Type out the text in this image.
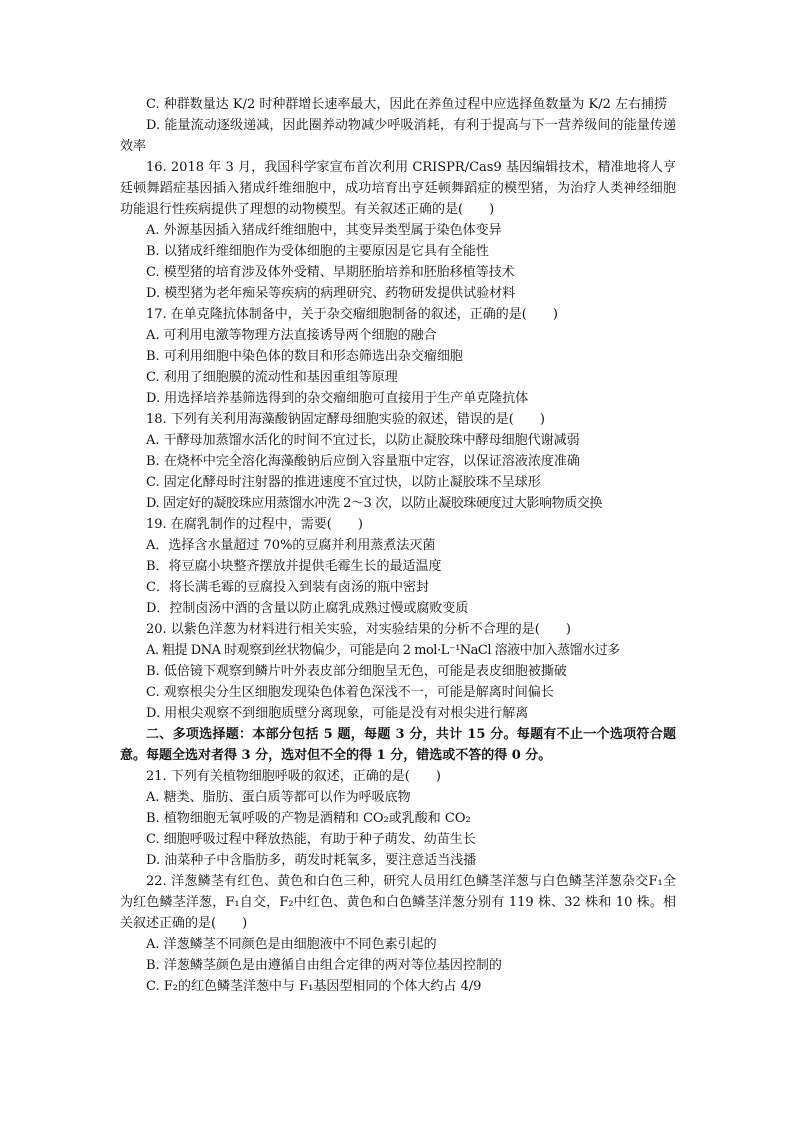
C. 种群数量达 K/2 时种群增长速率最大，因此在养鱼过程中应选择鱼数量为 K/2 左右捕捞

D. 能量流动逐级递减，因此圈养动物减少呼吸消耗，有利于提高与下一营养级间的能量传递效率

16. 2018 年 3 月，我国科学家宣布首次利用 CRISPR/Cas9 基因编辑技术，精准地将人亨廷顿舞蹈症基因插入猪成纤维细胞中，成功培育出亨廷顿舞蹈症的模型猪，为治疗人类神经细胞功能退行性疾病提供了理想的动物模型。有关叙述正确的是(　　)

A. 外源基因插入猪成纤维细胞中，其变异类型属于染色体变异

B. 以猪成纤维细胞作为受体细胞的主要原因是它具有全能性

C. 模型猪的培育涉及体外受精、早期胚胎培养和胚胎移植等技术

D. 模型猪为老年痴呆等疾病的病理研究、药物研发提供试验材料

17. 在单克隆抗体制备中，关于杂交瘤细胞制备的叙述，正确的是(　　)

A. 可利用电激等物理方法直接诱导两个细胞的融合

B. 可利用细胞中染色体的数目和形态筛选出杂交瘤细胞

C. 利用了细胞膜的流动性和基因重组等原理

D. 用选择培养基筛选得到的杂交瘤细胞可直接用于生产单克隆抗体

18. 下列有关利用海藻酸钠固定酵母细胞实验的叙述，错误的是(　　)

A. 干酵母加蒸馏水活化的时间不宜过长，以防止凝胶珠中酵母细胞代谢减弱

B. 在烧杯中完全溶化海藻酸钠后应倒入容量瓶中定容，以保证溶液浓度准确

C. 固定化酵母时注射器的推进速度不宜过快，以防止凝胶珠不呈球形

D. 固定好的凝胶珠应用蒸馏水冲洗 2～3 次，以防止凝胶珠硬度过大影响物质交换

19. 在腐乳制作的过程中，需要(　　)

A．选择含水量超过 70%的豆腐并利用蒸煮法灭菌

B．将豆腐小块整齐摆放并提供毛霉生长的最适温度

C．将长满毛霉的豆腐投入到装有卤汤的瓶中密封

D．控制卤汤中酒的含量以防止腐乳成熟过慢或腐败变质

20. 以紫色洋葱为材料进行相关实验，对实验结果的分析不合理的是(　　)

A. 粗提 DNA 时观察到丝状物偏少，可能是向 2 mol·L⁻¹NaCl 溶液中加入蒸馏水过多

B. 低倍镜下观察到鳞片叶外表皮部分细胞呈无色，可能是表皮细胞被撕破

C. 观察根尖分生区细胞发现染色体着色深浅不一，可能是解离时间偏长

D. 用根尖观察不到细胞质壁分离现象，可能是没有对根尖进行解离

二、多项选择题：本部分包括 5 题，每题 3 分，共计 15 分。每题有不止一个选项符合题意。每题全选对者得 3 分，选对但不全的得 1 分，错选或不答的得 0 分。

21. 下列有关植物细胞呼吸的叙述，正确的是(　　)

A. 糖类、脂肪、蛋白质等都可以作为呼吸底物

B. 植物细胞无氧呼吸的产物是酒精和 CO₂或乳酸和 CO₂

C. 细胞呼吸过程中释放热能，有助于种子萌发、幼苗生长

D. 油菜种子中含脂肪多，萌发时耗氧多，要注意适当浅播

22. 洋葱鳞茎有红色、黄色和白色三种，研究人员用红色鳞茎洋葱与白色鳞茎洋葱杂交F₁全为红色鳞茎洋葱，F₁自交，F₂中红色、黄色和白色鳞茎洋葱分别有 119 株、32 株和 10 株。相关叙述正确的是(　　)

A. 洋葱鳞茎不同颜色是由细胞液中不同色素引起的

B. 洋葱鳞茎颜色是由遵循自由组合定律的两对等位基因控制的

C. F₂的红色鳞茎洋葱中与 F₁基因型相同的个体大约占 4/9
